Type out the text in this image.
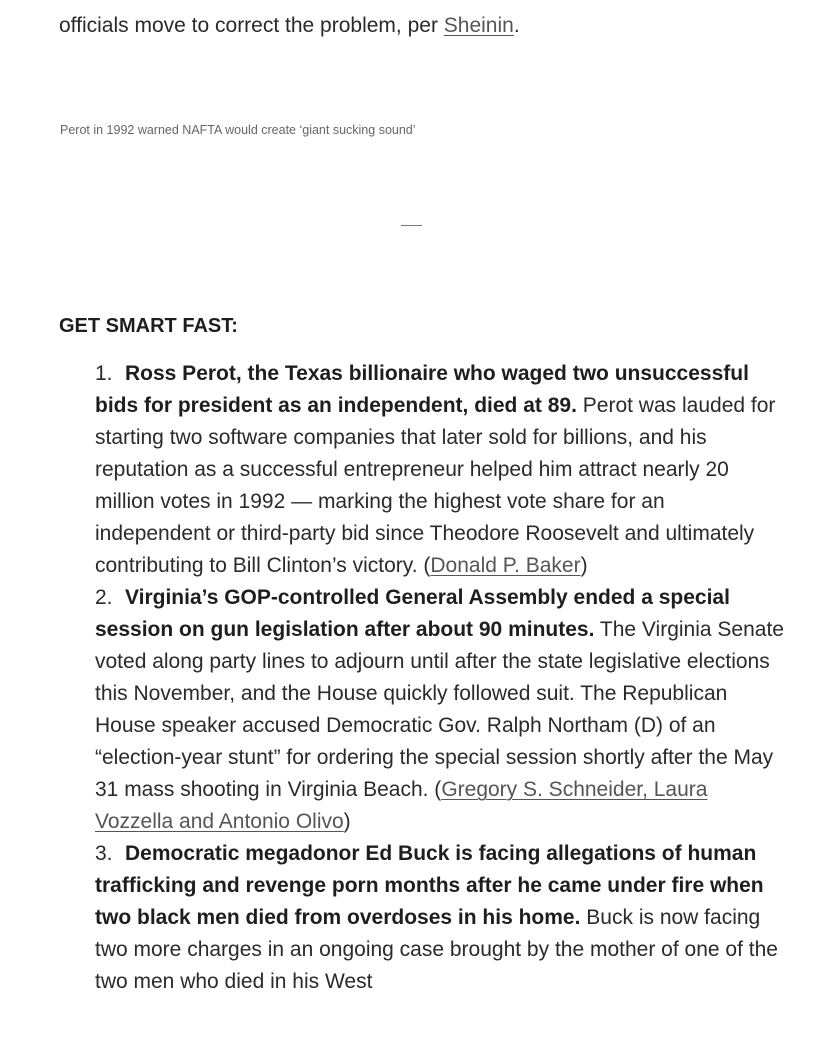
officials move to correct the problem, per Sheinin.

Perot in 1992 warned NAFTA would create ‘giant sucking sound’

GET SMART FAST:
1. Ross Perot, the Texas billionaire who waged two unsuccessful bids for president as an independent, died at 89. Perot was lauded for starting two software companies that later sold for billions, and his reputation as a successful entrepreneur helped him attract nearly 20 million votes in 1992 — marking the highest vote share for an independent or third-party bid since Theodore Roosevelt and ultimately contributing to Bill Clinton’s victory. (Donald P. Baker)
2. Virginia’s GOP-controlled General Assembly ended a special session on gun legislation after about 90 minutes. The Virginia Senate voted along party lines to adjourn until after the state legislative elections this November, and the House quickly followed suit. The Republican House speaker accused Democratic Gov. Ralph Northam (D) of an “election-year stunt” for ordering the special session shortly after the May 31 mass shooting in Virginia Beach. (Gregory S. Schneider, Laura Vozzella and Antonio Olivo)
3. Democratic megadonor Ed Buck is facing allegations of human trafficking and revenge porn months after he came under fire when two black men died from overdoses in his home. Buck is now facing two more charges in an ongoing case brought by the mother of one of the two men who died in his West
